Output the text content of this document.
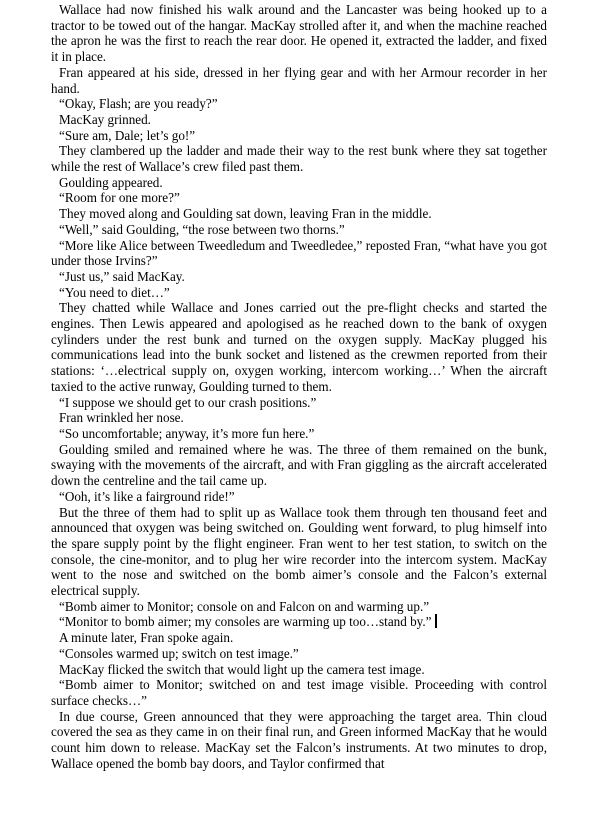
Wallace had now finished his walk around and the Lancaster was being hooked up to a tractor to be towed out of the hangar. MacKay strolled after it, and when the machine reached the apron he was the first to reach the rear door. He opened it, extracted the ladder, and fixed it in place.

Fran appeared at his side, dressed in her flying gear and with her Armour recorder in her hand.

“Okay, Flash; are you ready?”

MacKay grinned.

“Sure am, Dale; let’s go!”

They clambered up the ladder and made their way to the rest bunk where they sat together while the rest of Wallace’s crew filed past them.

Goulding appeared.

“Room for one more?”

They moved along and Goulding sat down, leaving Fran in the middle.

“Well,” said Goulding, “the rose between two thorns.”

“More like Alice between Tweedledum and Tweedledee,” reposted Fran, “what have you got under those Irvins?”

“Just us,” said MacKay.

“You need to diet…”

They chatted while Wallace and Jones carried out the pre-flight checks and started the engines. Then Lewis appeared and apologised as he reached down to the bank of oxygen cylinders under the rest bunk and turned on the oxygen supply. MacKay plugged his communications lead into the bunk socket and listened as the crewmen reported from their stations: ‘…electrical supply on, oxygen working, intercom working…’ When the aircraft taxied to the active runway, Goulding turned to them.

“I suppose we should get to our crash positions.”

Fran wrinkled her nose.

“So uncomfortable; anyway, it’s more fun here.”

Goulding smiled and remained where he was. The three of them remained on the bunk, swaying with the movements of the aircraft, and with Fran giggling as the aircraft accelerated down the centreline and the tail came up.

“Ooh, it’s like a fairground ride!”

But the three of them had to split up as Wallace took them through ten thousand feet and announced that oxygen was being switched on. Goulding went forward, to plug himself into the spare supply point by the flight engineer. Fran went to her test station, to switch on the console, the cine-monitor, and to plug her wire recorder into the intercom system. MacKay went to the nose and switched on the bomb aimer’s console and the Falcon’s external electrical supply.

“Bomb aimer to Monitor; console on and Falcon on and warming up.”

“Monitor to bomb aimer; my consoles are warming up too…stand by.”

A minute later, Fran spoke again.

“Consoles warmed up; switch on test image.”

MacKay flicked the switch that would light up the camera test image.

“Bomb aimer to Monitor; switched on and test image visible. Proceeding with control surface checks…”

In due course, Green announced that they were approaching the target area. Thin cloud covered the sea as they came in on their final run, and Green informed MacKay that he would count him down to release. MacKay set the Falcon’s instruments. At two minutes to drop, Wallace opened the bomb bay doors, and Taylor confirmed that
